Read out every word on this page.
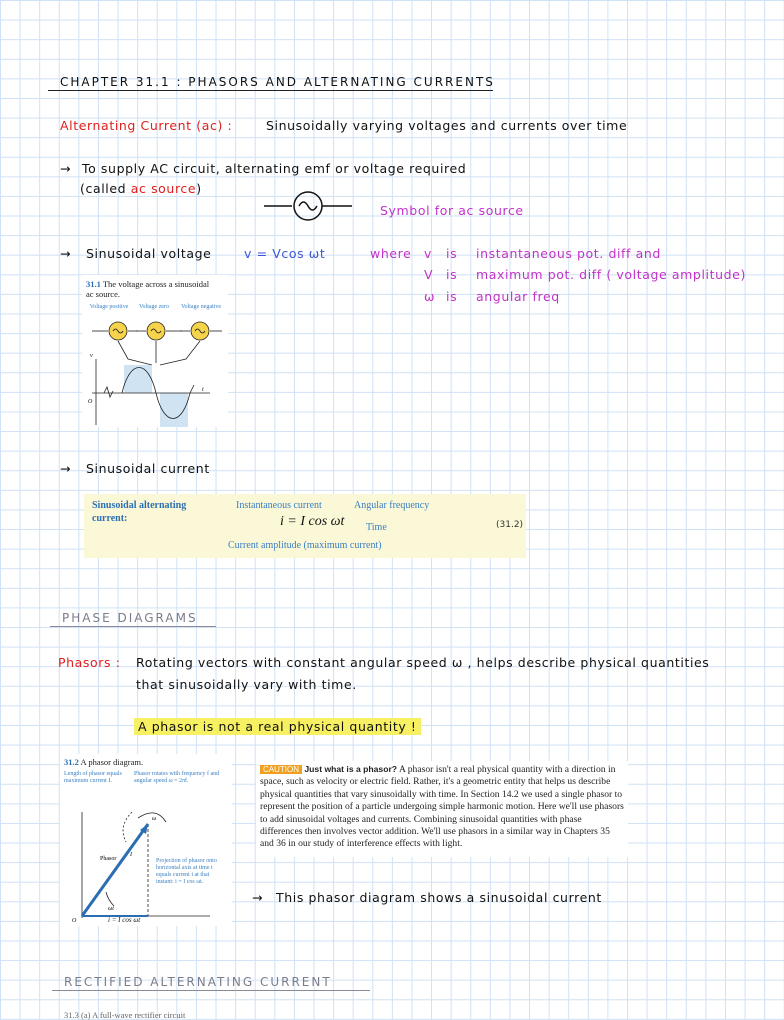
CHAPTER 31.1 : PHASORS AND ALTERNATING CURRENTS
Alternating Current (ac) :	Sinusoidally varying voltages and currents over time
→ To supply AC circuit, alternating emf or voltage required
(called ac source)
Symbol for ac source
→ Sinusoidal voltage	v = Vcos ωt	where v is instantaneous pot. diff and
V is maximum pot. diff ( voltage amplitude)
ω is angular freq
31.1 The voltage across a sinusoidal
ac source.
Voltage positive	Voltage zero	Voltage negative
v
t
O
→ Sinusoidal current
Sinusoidal alternating
current:
Instantaneous current	Angular frequency
i = I cos ωt Time
Current amplitude (maximum current)
(31.2)
PHASE DIAGRAMS
Phasors : Rotating vectors with constant angular speed ω , helps describe physical quantities
that sinusoidally vary with time.
A phasor is not a real physical quantity !
31.2 A phasor diagram.
Length of phasor equals maximum current I.
Phasor rotates with frequency f and angular speed ω = 2πf.
Phasor
ω
I
ωt
O
Projection of phasor onto horizontal axis at time t equals current i at that instant: i = I cos ωt.
i = I cos ωt
CAUTION Just what is a phasor? A phasor isn't a real physical quantity with a direction in space, such as velocity or electric field. Rather, it's a geometric entity that helps us describe physical quantities that vary sinusoidally with time. In Section 14.2 we used a single phasor to represent the position of a particle undergoing simple harmonic motion. Here we'll use phasors to add sinusoidal voltages and currents. Combining sinusoidal quantities with phase differences then involves vector addition. We'll use phasors in a similar way in Chapters 35 and 36 in our study of interference effects with light.
→ This phasor diagram shows a sinusoidal current
RECTIFIED ALTERNATING CURRENT
31.3 (a) A full-wave rectifier circuit
